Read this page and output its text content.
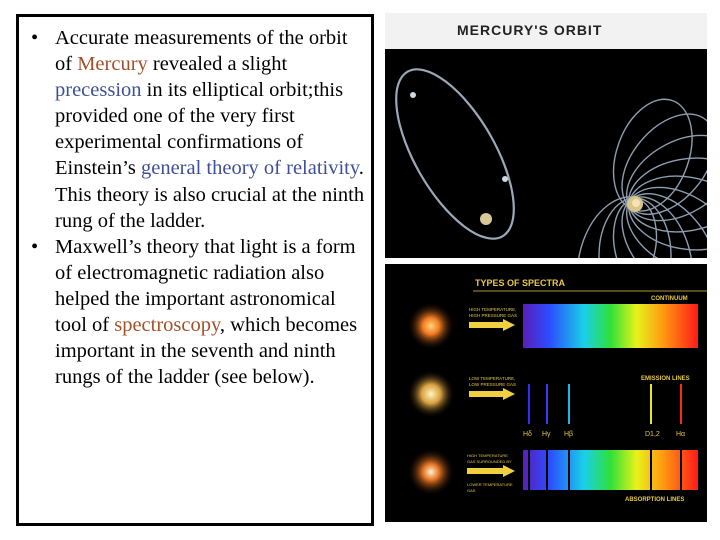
• Accurate measurements of the orbit of Mercury revealed a slight precession in its elliptical orbit;this provided one of the very first experimental confirmations of Einstein’s general theory of relativity. This theory is also crucial at the ninth rung of the ladder.
• Maxwell’s theory that light is a form of electromagnetic radiation also helped the important astronomical tool of spectroscopy, which becomes important in the seventh and ninth rungs of the ladder (see below).
MERCURY'S ORBIT
TYPES OF SPECTRA
HIGH TEMPERATURE,
HIGH PRESSURE GAS
CONTINUUM
LOW TEMPERATURE,
LOW PRESSURE GAS
EMISSION LINES
Hδ Hγ Hβ	D1,2 Hα
HIGH TEMPERATURE
GAS SURROUNDED BY
LOWER TEMPERATURE
GAS
ABSORPTION LINES
